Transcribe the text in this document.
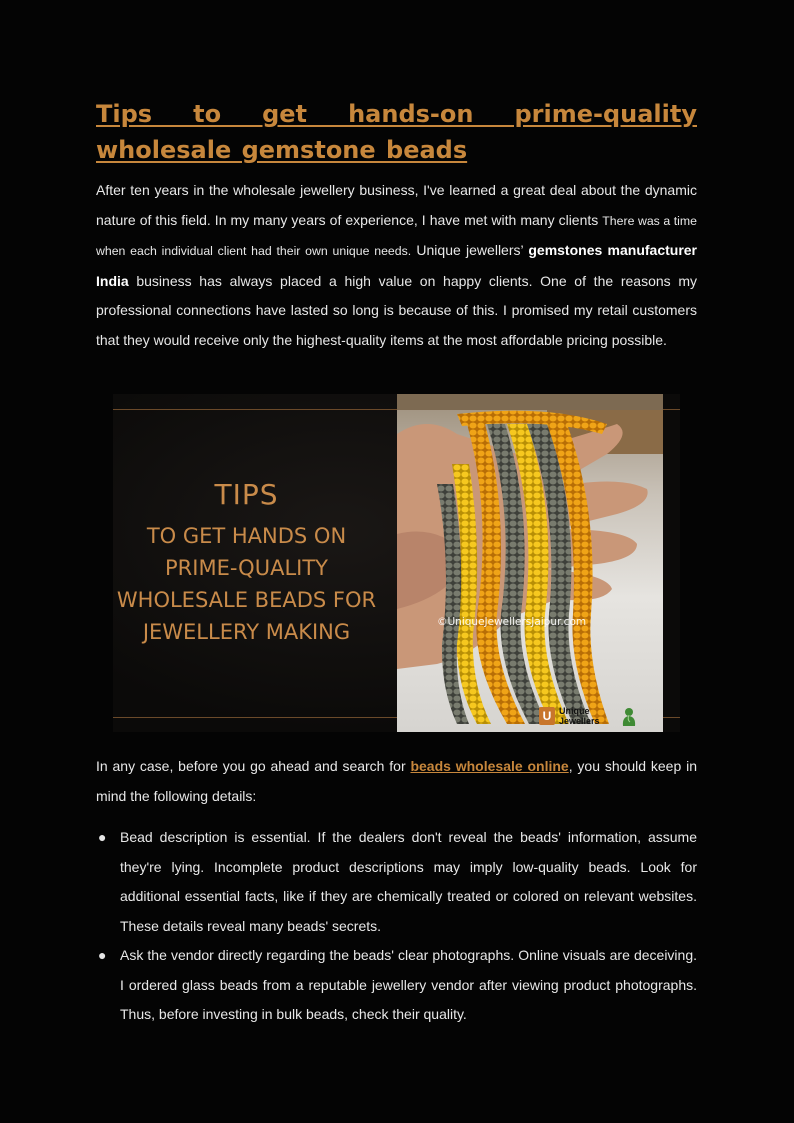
Tips to get hands-on prime-quality wholesale gemstone beads

After ten years in the wholesale jewellery business, I've learned a great deal about the dynamic nature of this field. In my many years of experience, I have met with many clients There was a time when each individual client had their own unique needs. Unique jewellers’ gemstones manufacturer India business has always placed a high value on happy clients. One of the reasons my professional connections have lasted so long is because of this. I promised my retail customers that they would receive only the highest-quality items at the most affordable pricing possible.

TIPS
TO GET HANDS ON
PRIME-QUALITY
WHOLESALE BEADS FOR
JEWELLERY MAKING	©UniqueJewellersJaipur.com
U Unique
Jewellers

In any case, before you go ahead and search for beads wholesale online, you should keep in mind the following details:

● Bead description is essential. If the dealers don't reveal the beads' information, assume they're lying. Incomplete product descriptions may imply low-quality beads. Look for additional essential facts, like if they are chemically treated or colored on relevant websites. These details reveal many beads' secrets.

● Ask the vendor directly regarding the beads' clear photographs. Online visuals are deceiving. I ordered glass beads from a reputable jewellery vendor after viewing product photographs. Thus, before investing in bulk beads, check their quality.
